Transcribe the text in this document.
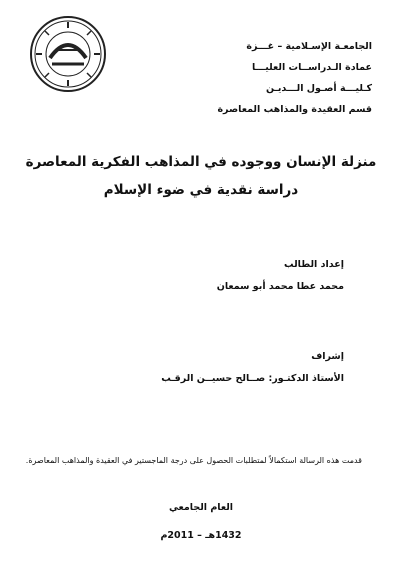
الجامعـة الإسـلامية – غـــزة
عمادة الـدراســات العليـــا
كـليـــة أصـول الـــديـن
قسم العقيدة والمذاهب المعاصرة
منزلة الإنسان ووجوده في المذاهب الفكرية المعاصرة
دراسة نقدية في ضوء الإسلام
إعداد الطالب
محمد عطا محمد أبو سمعان
إشراف
الأستاذ الدكتـور: صــالح حسيــن الرقـب
قدمت هذه الرسالة استكمالاً لمتطلبات الحصول على درجة الماجستير في العقيدة والمذاهب المعاصرة.
العام الجامعي
1432هـ – 2011م
